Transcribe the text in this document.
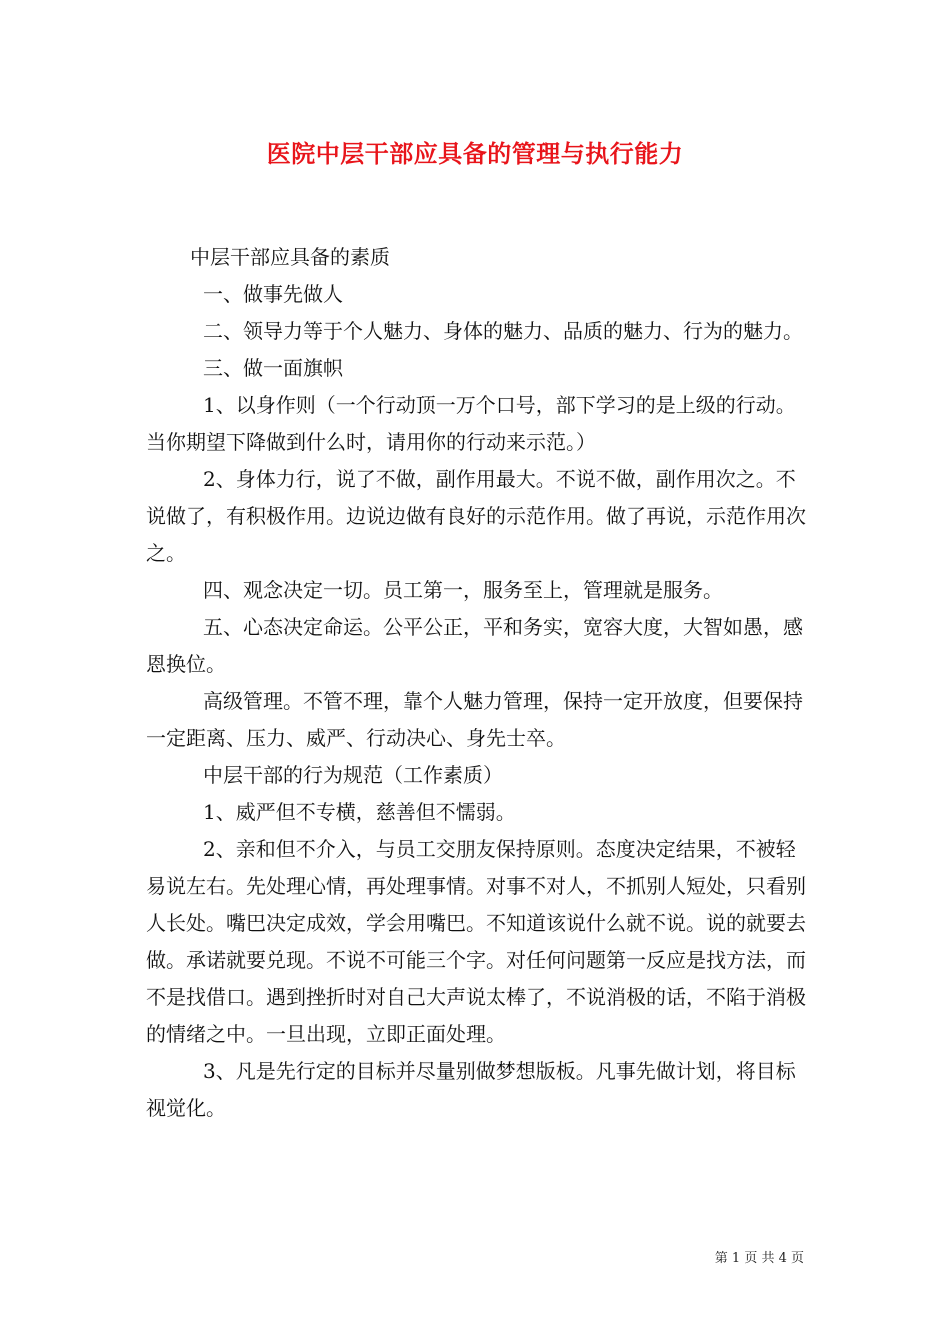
医院中层干部应具备的管理与执行能力

中层干部应具备的素质

一、做事先做人

二、领导力等于个人魅力、身体的魅力、品质的魅力、行为的魅力。

三、做一面旗帜

1、以身作则（一个行动顶一万个口号，部下学习的是上级的行动。当你期望下降做到什么时，请用你的行动来示范。）

2、身体力行，说了不做，副作用最大。不说不做，副作用次之。不说做了，有积极作用。边说边做有良好的示范作用。做了再说，示范作用次之。

四、观念决定一切。员工第一，服务至上，管理就是服务。

五、心态决定命运。公平公正，平和务实，宽容大度，大智如愚，感恩换位。

高级管理。不管不理，靠个人魅力管理，保持一定开放度，但要保持一定距离、压力、威严、行动决心、身先士卒。

中层干部的行为规范（工作素质）

1、威严但不专横，慈善但不懦弱。

2、亲和但不介入，与员工交朋友保持原则。态度决定结果，不被轻易说左右。先处理心情，再处理事情。对事不对人，不抓别人短处，只看别人长处。嘴巴决定成效，学会用嘴巴。不知道该说什么就不说。说的就要去做。承诺就要兑现。不说不可能三个字。对任何问题第一反应是找方法，而不是找借口。遇到挫折时对自己大声说太棒了，不说消极的话，不陷于消极的情绪之中。一旦出现，立即正面处理。

3、凡是先行定的目标并尽量别做梦想版板。凡事先做计划，将目标视觉化。

第 1 页 共 4 页
